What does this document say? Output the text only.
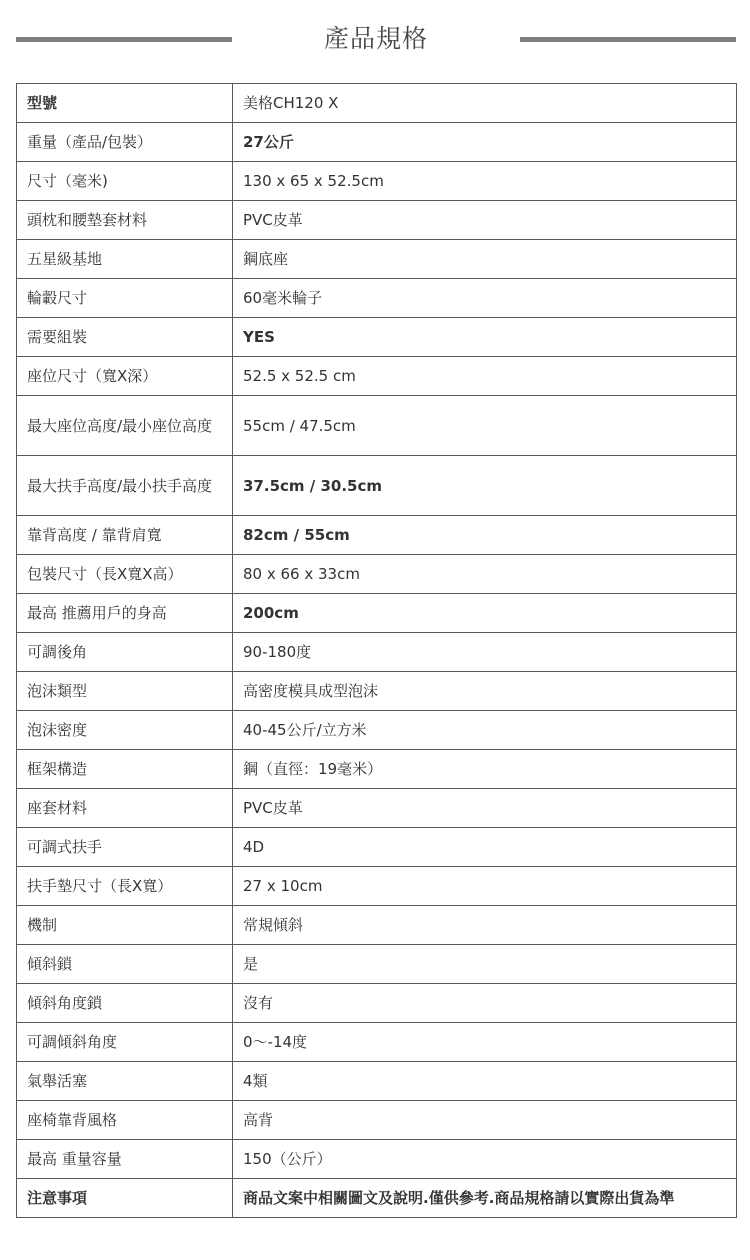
產品規格
型號	美格CH120 X
重量（產品/包裝）	27公斤
尺寸（毫米)	130 x 65 x 52.5cm
頭枕和腰墊套材料	PVC皮革
五星級基地	鋼底座
輪轂尺寸	60毫米輪子
需要組裝	YES
座位尺寸（寬X深）	52.5 x 52.5 cm
最大座位高度/最小座位高度	55cm / 47.5cm
最大扶手高度/最小扶手高度	37.5cm / 30.5cm
靠背高度 / 靠背肩寬	82cm / 55cm
包裝尺寸（長X寬X高）	80 x 66 x 33cm
最高 推薦用戶的身高	200cm
可調後角	90-180度
泡沫類型	高密度模具成型泡沫
泡沫密度	40-45公斤/立方米
框架構造	鋼（直徑：19毫米）
座套材料	PVC皮革
可調式扶手	4D
扶手墊尺寸（長X寬）	27 x 10cm
機制	常規傾斜
傾斜鎖	是
傾斜角度鎖	沒有
可調傾斜角度	0～-14度
氣舉活塞	4類
座椅靠背風格	高背
最高 重量容量	150（公斤）
注意事項	商品文案中相關圖文及說明.僅供參考.商品規格請以實際出貨為準
